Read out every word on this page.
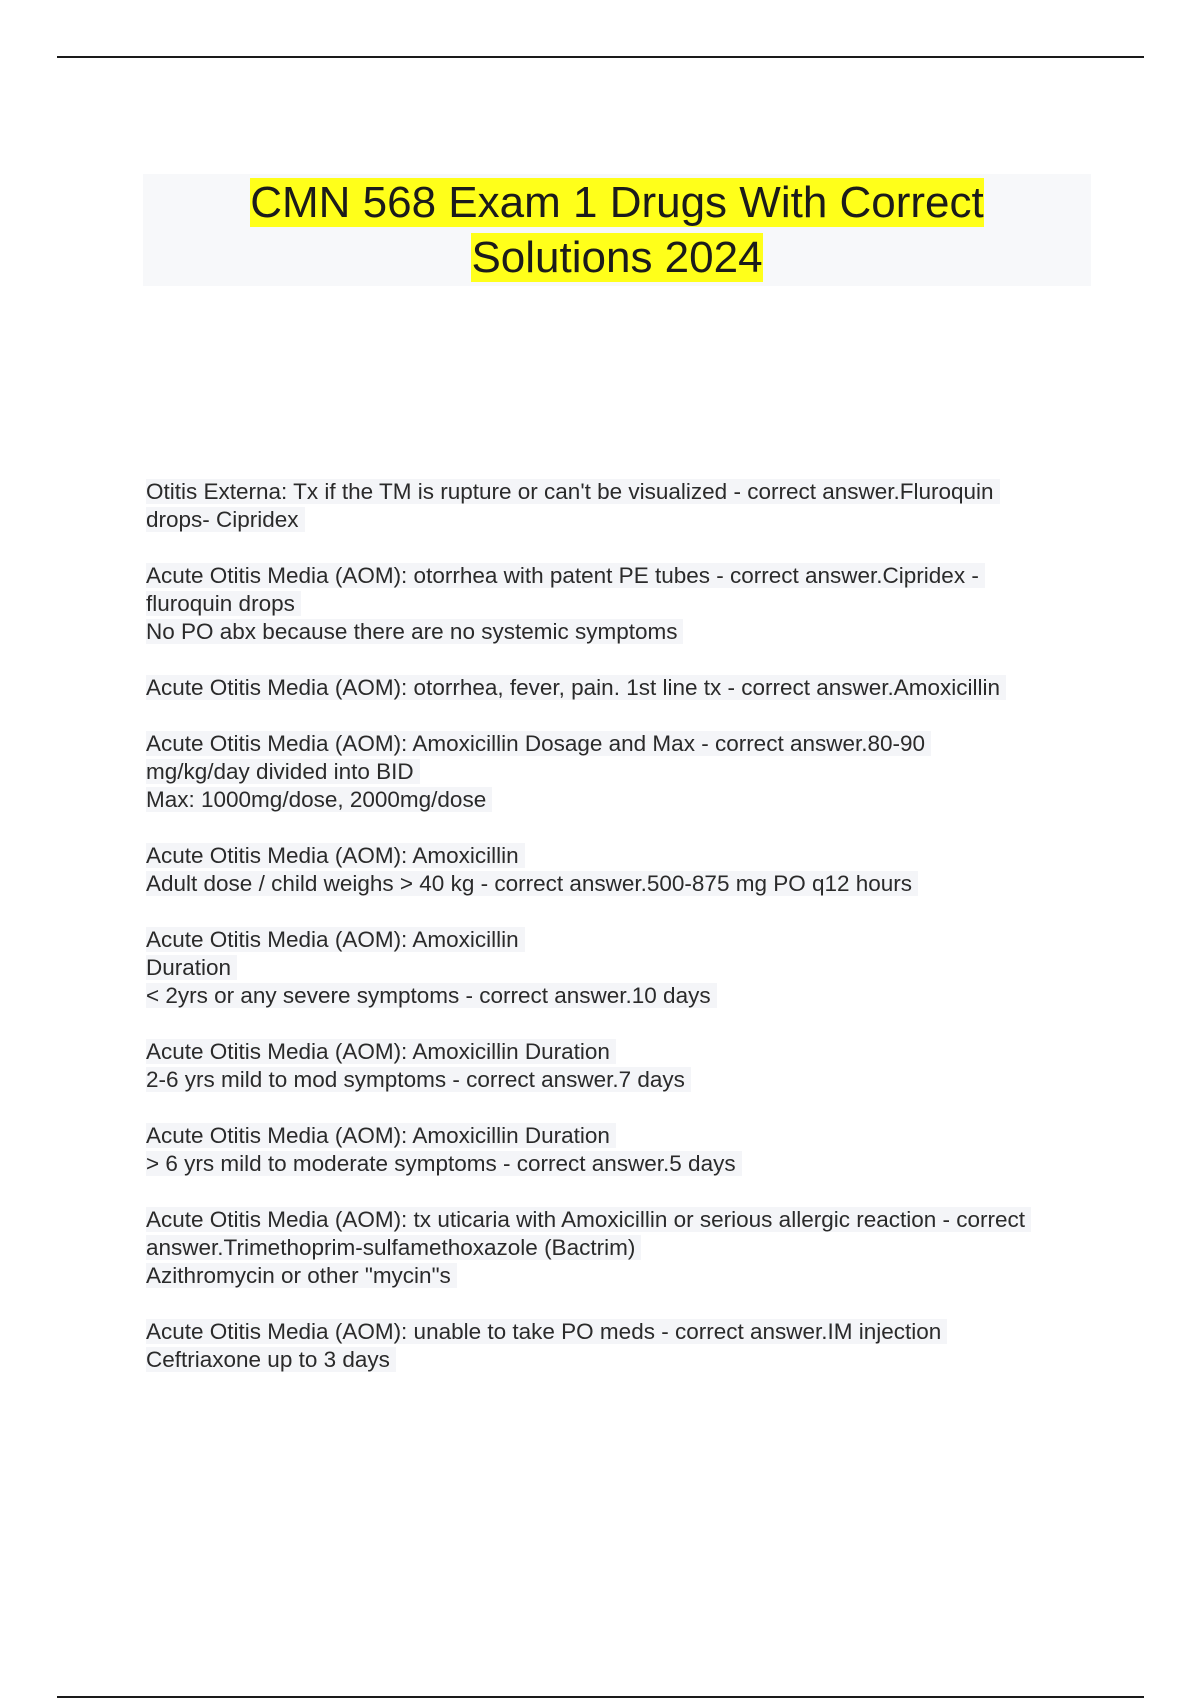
CMN 568 Exam 1 Drugs With Correct
Solutions 2024
Otitis Externa: Tx if the TM is rupture or can't be visualized - correct answer.Fluroquin
drops- Cipridex
Acute Otitis Media (AOM): otorrhea with patent PE tubes - correct answer.Cipridex -
fluroquin drops
No PO abx because there are no systemic symptoms
Acute Otitis Media (AOM): otorrhea, fever, pain. 1st line tx - correct answer.Amoxicillin
Acute Otitis Media (AOM): Amoxicillin Dosage and Max - correct answer.80-90
mg/kg/day divided into BID
Max: 1000mg/dose, 2000mg/dose
Acute Otitis Media (AOM): Amoxicillin
Adult dose / child weighs > 40 kg - correct answer.500-875 mg PO q12 hours
Acute Otitis Media (AOM): Amoxicillin
Duration
< 2yrs or any severe symptoms - correct answer.10 days
Acute Otitis Media (AOM): Amoxicillin Duration
2-6 yrs mild to mod symptoms - correct answer.7 days
Acute Otitis Media (AOM): Amoxicillin Duration
> 6 yrs mild to moderate symptoms - correct answer.5 days
Acute Otitis Media (AOM): tx uticaria with Amoxicillin or serious allergic reaction - correct
answer.Trimethoprim-sulfamethoxazole (Bactrim)
Azithromycin or other "mycin"s
Acute Otitis Media (AOM): unable to take PO meds - correct answer.IM injection
Ceftriaxone up to 3 days
